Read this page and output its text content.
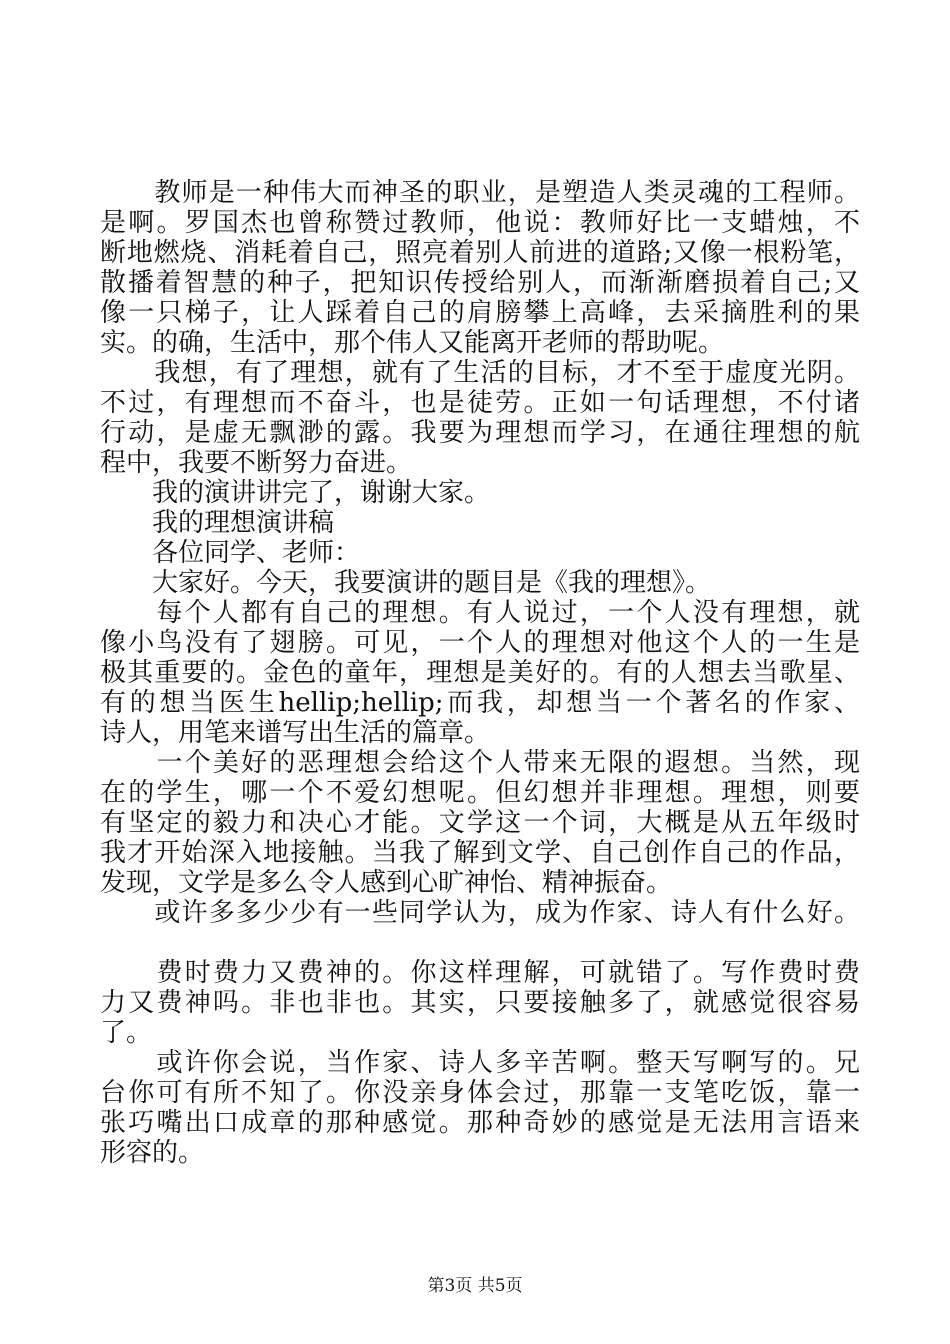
　　教师是一种伟大而神圣的职业，是塑造人类灵魂的工程师。
是啊。罗国杰也曾称赞过教师，他说：教师好比一支蜡烛，不
断地燃烧、消耗着自己，照亮着别人前进的道路;又像一根粉笔，
散播着智慧的种子，把知识传授给别人，而渐渐磨损着自己;又
像一只梯子，让人踩着自己的肩膀攀上高峰，去采摘胜利的果
实。的确，生活中，那个伟人又能离开老师的帮助呢。
　　我想，有了理想，就有了生活的目标，才不至于虚度光阴。
不过，有理想而不奋斗，也是徒劳。正如一句话理想，不付诸
行动，是虚无飘渺的露。我要为理想而学习，在通往理想的航
程中，我要不断努力奋进。
　　我的演讲讲完了，谢谢大家。
　　我的理想演讲稿
　　各位同学、老师：
　　大家好。今天，我要演讲的题目是《我的理想》。
　　每个人都有自己的理想。有人说过，一个人没有理想，就
像小鸟没有了翅膀。可见，一个人的理想对他这个人的一生是
极其重要的。金色的童年，理想是美好的。有的人想去当歌星、
有的想当医生hellip;hellip;而我，却想当一个著名的作家、
诗人，用笔来谱写出生活的篇章。
　　一个美好的恶理想会给这个人带来无限的遐想。当然，现
在的学生，哪一个不爱幻想呢。但幻想并非理想。理想，则要
有坚定的毅力和决心才能。文学这一个词，大概是从五年级时
我才开始深入地接触。当我了解到文学、自己创作自己的作品，
发现，文学是多么令人感到心旷神怡、精神振奋。
　　或许多多少少有一些同学认为，成为作家、诗人有什么好。
　　费时费力又费神的。你这样理解，可就错了。写作费时费
力又费神吗。非也非也。其实，只要接触多了，就感觉很容易
了。
　　或许你会说，当作家、诗人多辛苦啊。整天写啊写的。兄
台你可有所不知了。你没亲身体会过，那靠一支笔吃饭，靠一
张巧嘴出口成章的那种感觉。那种奇妙的感觉是无法用言语来
形容的。
第3页 共5页
